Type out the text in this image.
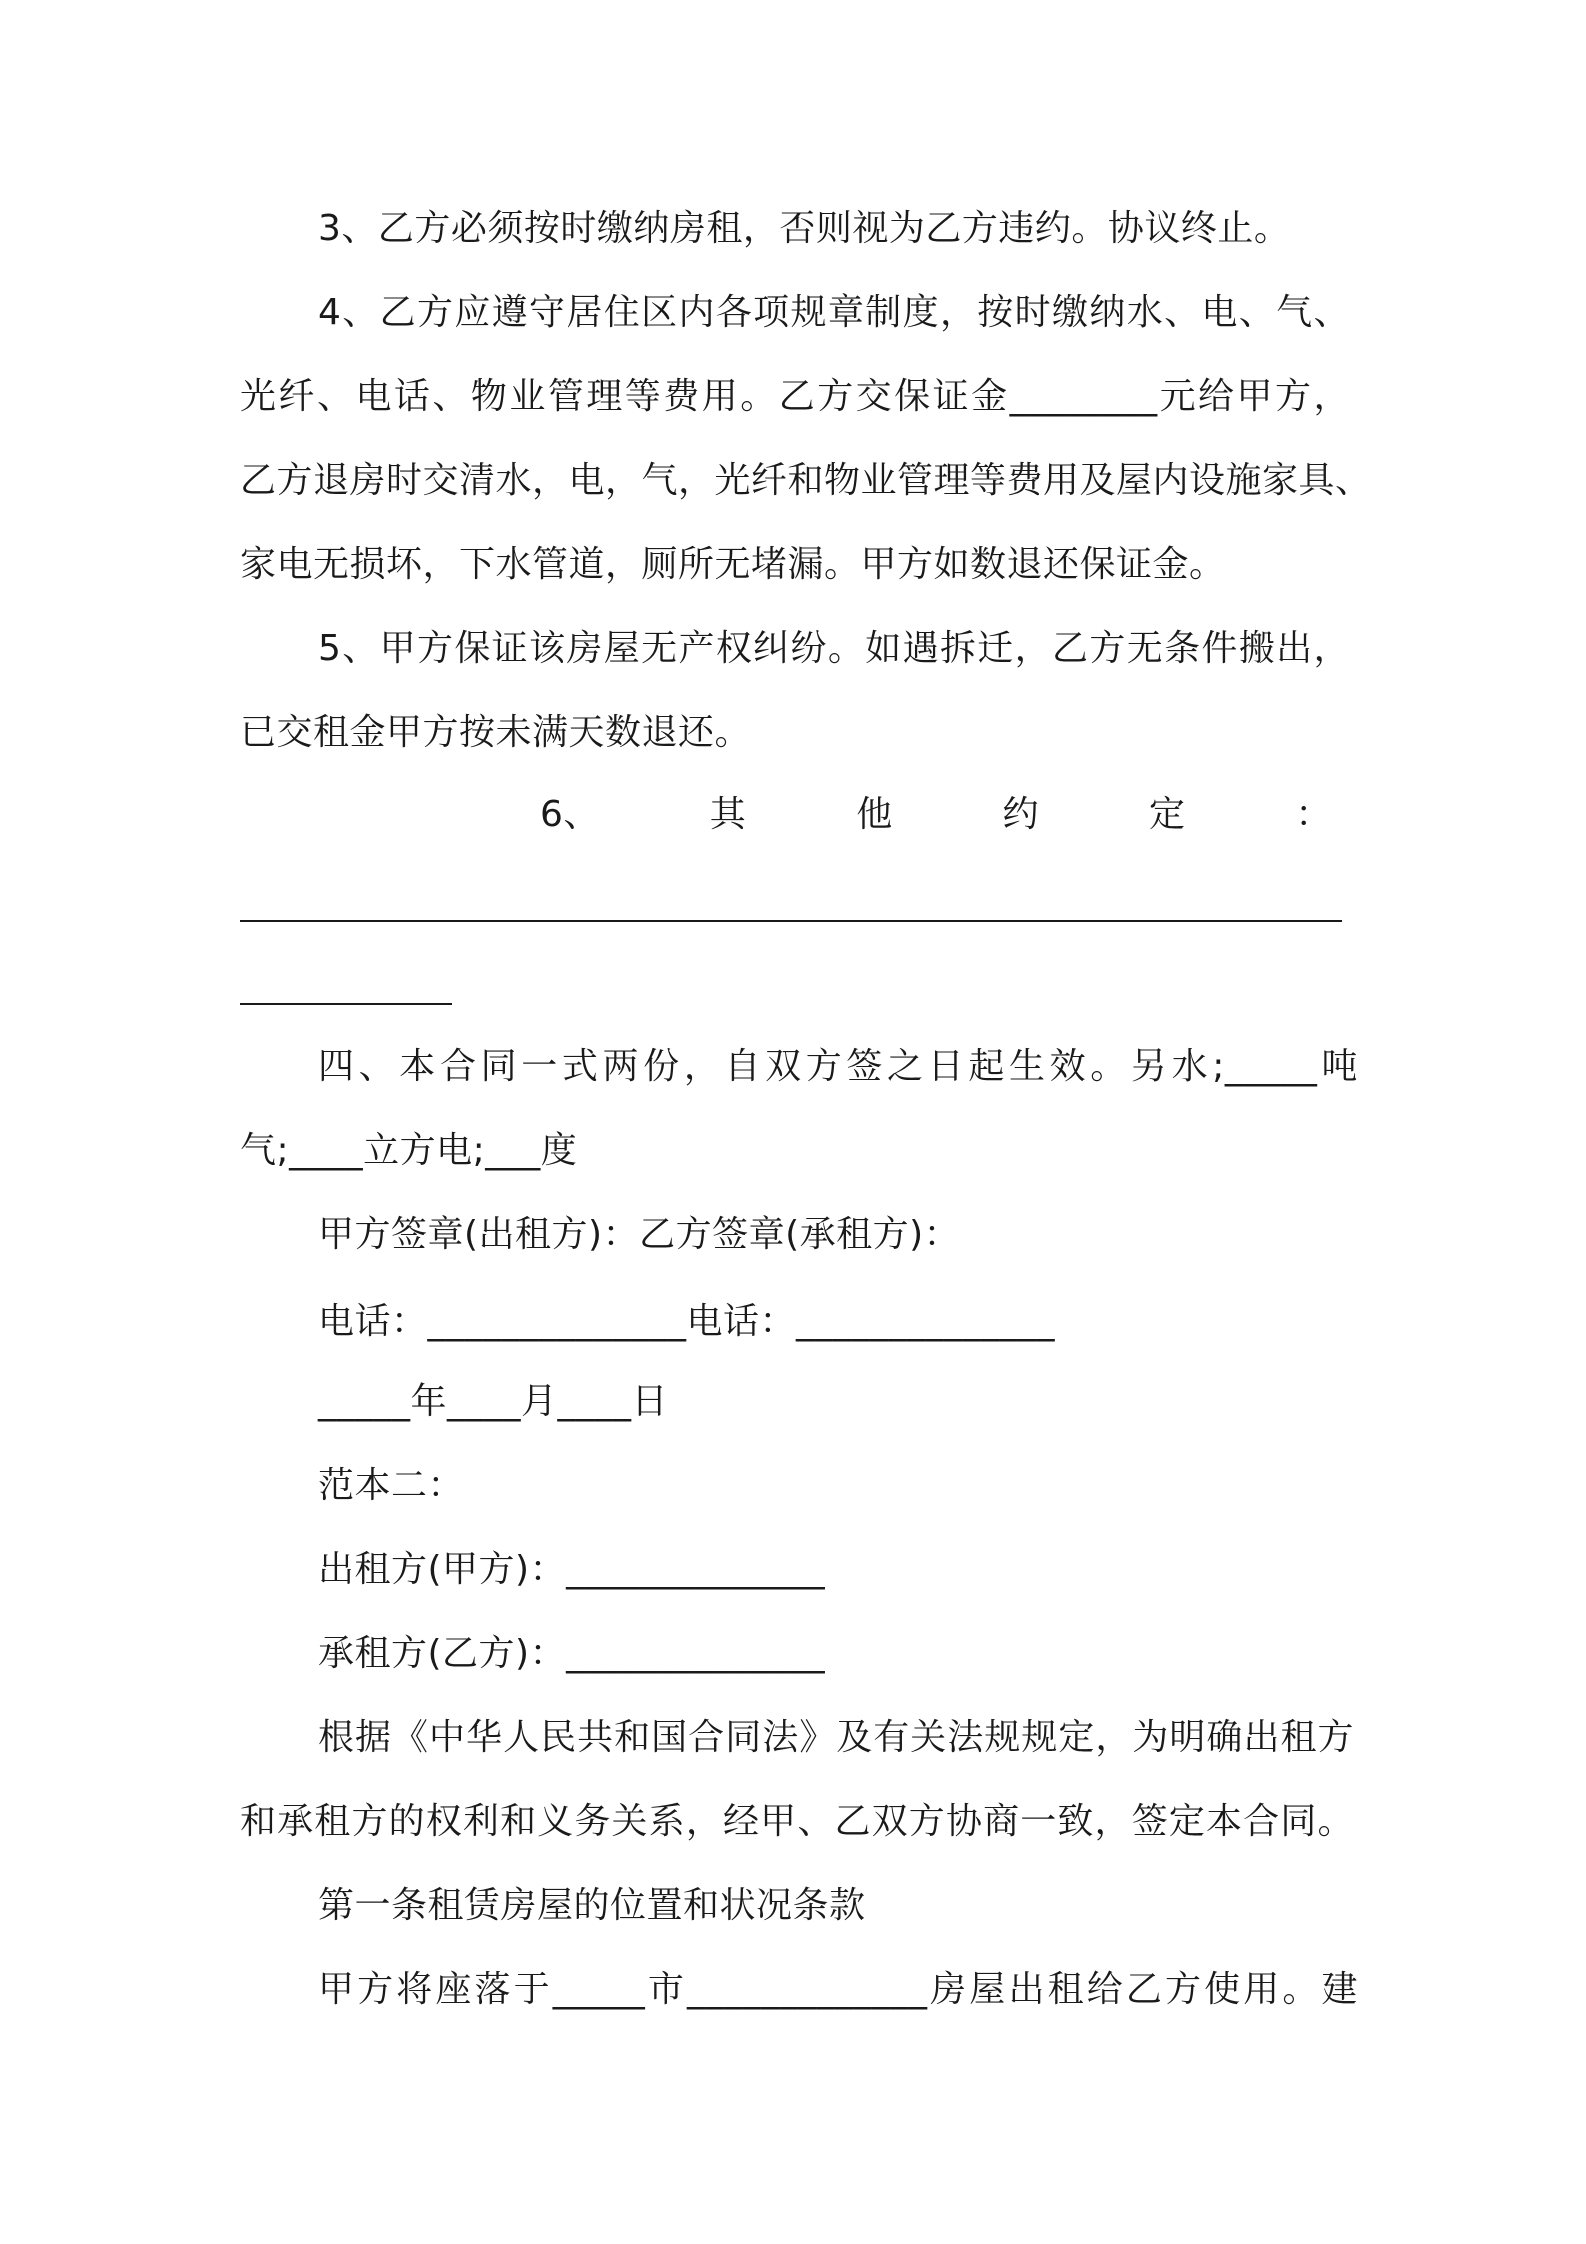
3、乙方必须按时缴纳房租，否则视为乙方违约。协议终止。
4、乙方应遵守居住区内各项规章制度，按时缴纳水、电、气、
光纤、电话、物业管理等费用。乙方交保证金________元给甲方，
乙方退房时交清水，电，气，光纤和物业管理等费用及屋内设施家具、
家电无损坏，下水管道，厕所无堵漏。甲方如数退还保证金。
5、甲方保证该房屋无产权纠纷。如遇拆迁，乙方无条件搬出，
已交租金甲方按未满天数退还。
6、	其	他	约	定	：
四、本合同一式两份，自双方签之日起生效。另水;_____吨
气;____立方电;___度
甲方签章(出租方)：乙方签章(承租方)：
电话：______________电话：______________
_____年____月____日
范本二：
出租方(甲方)：______________
承租方(乙方)：______________
根据《中华人民共和国合同法》及有关法规规定，为明确出租方
和承租方的权利和义务关系，经甲、乙双方协商一致，签定本合同。
第一条租赁房屋的位置和状况条款
甲方将座落于_____市_____________房屋出租给乙方使用。建
